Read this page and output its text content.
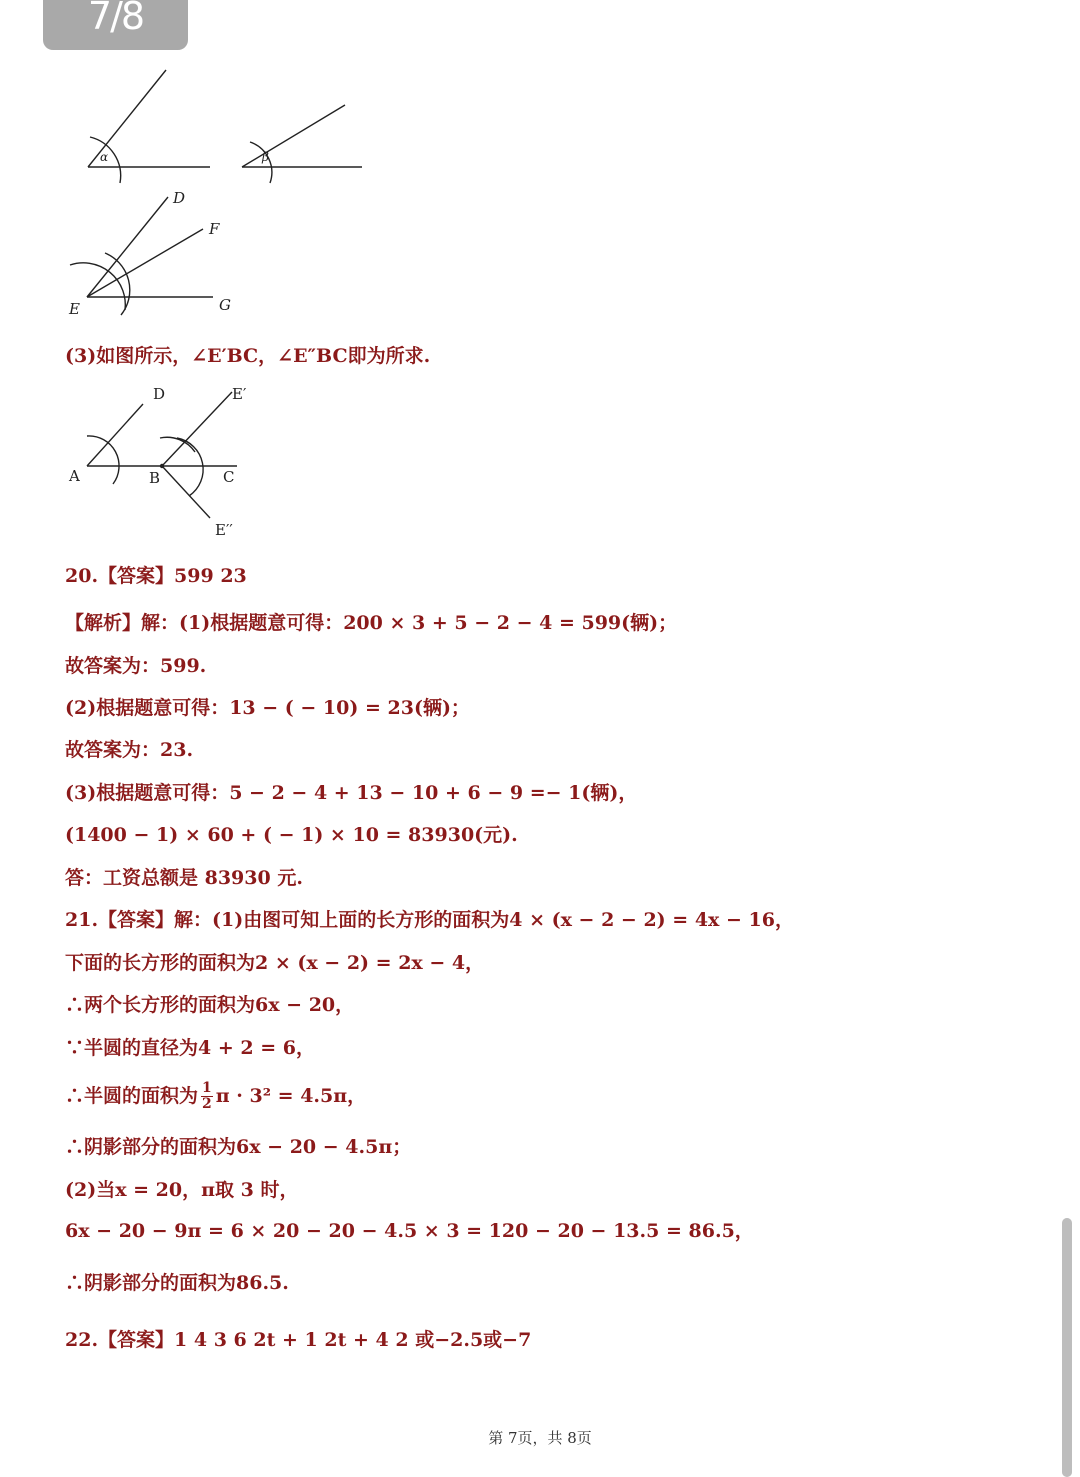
7/8
α	β
D
F
E	G
(3)如图所示，∠E′BC，∠E″BC即为所求.
D	E′
A	B	C
E′′
20.【答案】599 23
【解析】解：(1)根据题意可得：200 × 3 + 5 − 2 − 4 = 599(辆)；
故答案为：599.
(2)根据题意可得：13 − ( − 10) = 23(辆)；
故答案为：23.
(3)根据题意可得：5 − 2 − 4 + 13 − 10 + 6 − 9 =− 1(辆)，
(1400 − 1) × 60 + ( − 1) × 10 = 83930(元).
答：工资总额是 83930 元.
21.【答案】解：(1)由图可知上面的长方形的面积为4 × (x − 2 − 2) = 4x − 16，
下面的长方形的面积为2 × (x − 2) = 2x − 4，
∴两个长方形的面积为6x − 20，
∵半圆的直径为4 + 2 = 6，
∴半圆的面积为 $\frac{1}{2}$ π · 3² = 4.5π，
∴阴影部分的面积为6x − 20 − 4.5π；
(2)当x = 20，π取 3 时，
6x − 20 − 9π = 6 × 20 − 20 − 4.5 × 3 = 120 − 20 − 13.5 = 86.5，
∴阴影部分的面积为86.5.
22.【答案】1 4 3 6 2t + 1 2t + 4 2 或−2.5或−7
第 7页，共 8页
